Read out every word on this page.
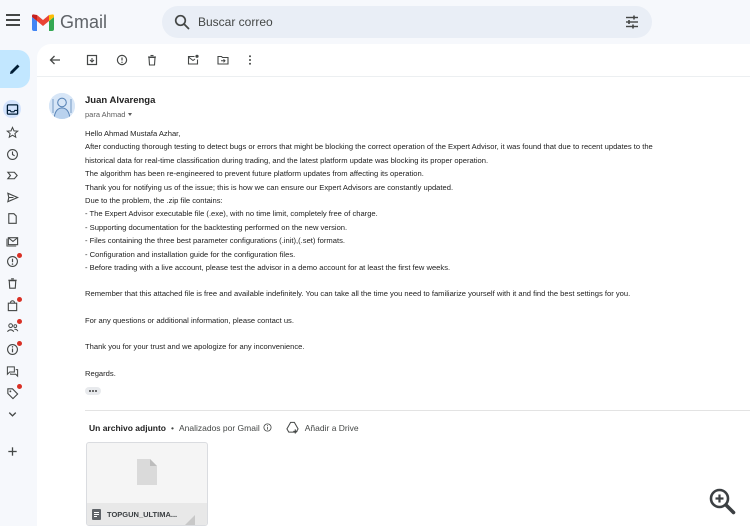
Gmail
Buscar correo
Juan Alvarenga
para Ahmad
Hello Ahmad Mustafa Azhar,
After conducting thorough testing to detect bugs or errors that might be blocking the correct operation of the Expert Advisor, it was found that due to recent updates to the
historical data for real-time classification during trading, and the latest platform update was blocking its proper operation.
The algorithm has been re-engineered to prevent future platform updates from affecting its operation.
Thank you for notifying us of the issue; this is how we can ensure our Expert Advisors are constantly updated.
Due to the problem, the .zip file contains:
- The Expert Advisor executable file (.exe), with no time limit, completely free of charge.
- Supporting documentation for the backtesting performed on the new version.
- Files containing the three best parameter configurations (.init),(.set) formats.
- Configuration and installation guide for the configuration files.
- Before trading with a live account, please test the advisor in a demo account for at least the first few weeks.
Remember that this attached file is free and available indefinitely. You can take all the time you need to familiarize yourself with it and find the best settings for you.
For any questions or additional information, please contact us.
Thank you for your trust and we apologize for any inconvenience.
Regards.
Un archivo adjunto • Analizados por Gmail	Añadir a Drive
TOPGUN_ULTIMA...
